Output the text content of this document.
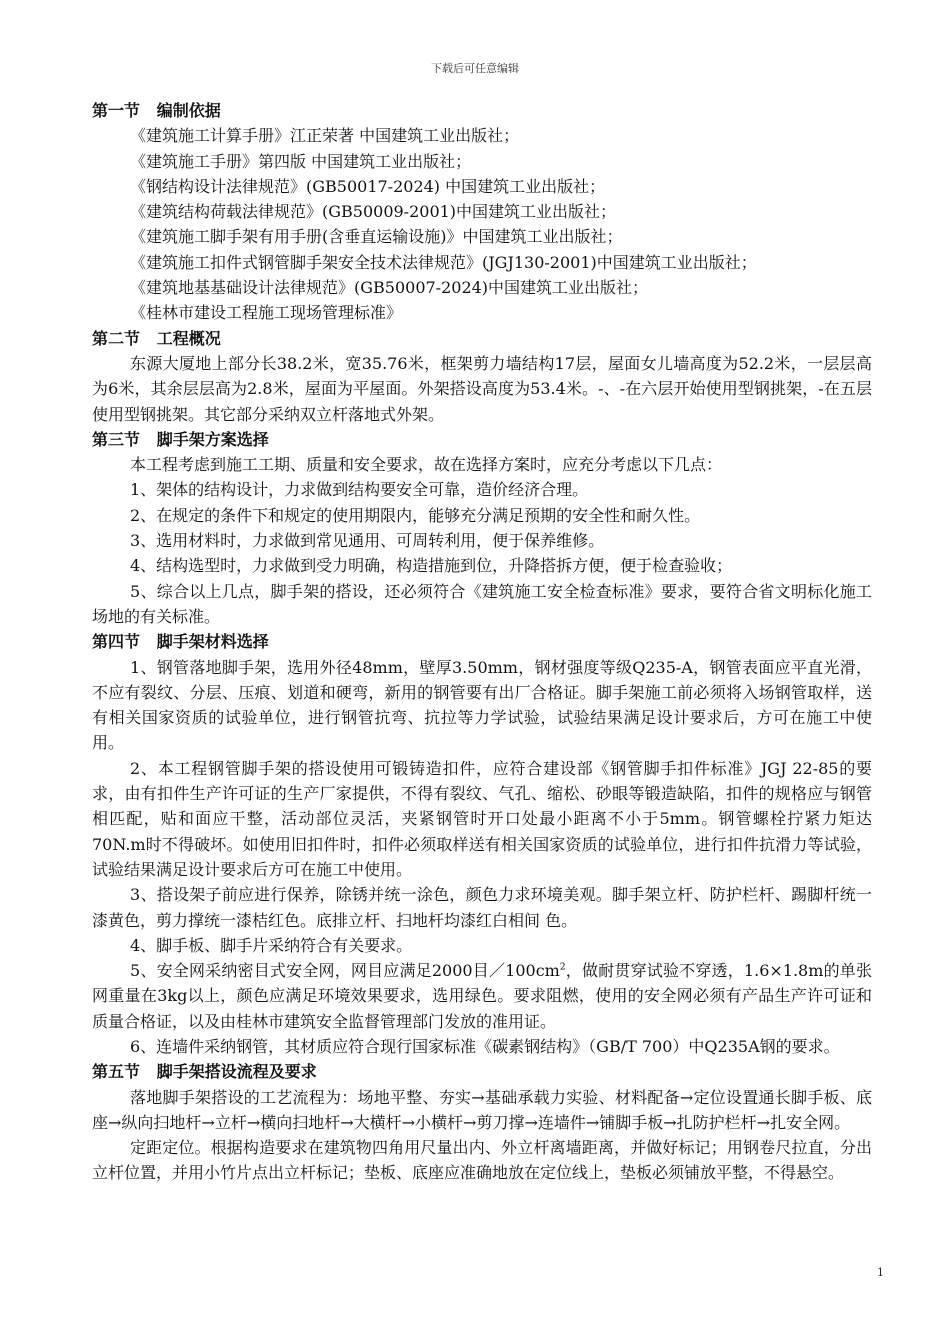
下载后可任意编辑
第一节   编制依据
《建筑施工计算手册》江正荣著 中国建筑工业出版社；
《建筑施工手册》第四版 中国建筑工业出版社；
《钢结构设计法律规范》(GB50017-2024) 中国建筑工业出版社；
《建筑结构荷载法律规范》(GB50009-2001)中国建筑工业出版社；
《建筑施工脚手架有用手册(含垂直运输设施)》中国建筑工业出版社；
《建筑施工扣件式钢管脚手架安全技术法律规范》(JGJ130-2001)中国建筑工业出版社；
《建筑地基基础设计法律规范》(GB50007-2024)中国建筑工业出版社；
《桂林市建设工程施工现场管理标准》
第二节   工程概况
东源大厦地上部分长38.2米，宽35.76米，框架剪力墙结构17层，屋面女儿墙高度为52.2米，一层层高为6米，其余层层高为2.8米，屋面为平屋面。外架搭设高度为53.4米。-、-在六层开始使用型钢挑架，-在五层使用型钢挑架。其它部分采纳双立杆落地式外架。
第三节   脚手架方案选择
本工程考虑到施工工期、质量和安全要求，故在选择方案时，应充分考虑以下几点：
1、架体的结构设计，力求做到结构要安全可靠，造价经济合理。
2、在规定的条件下和规定的使用期限内，能够充分满足预期的安全性和耐久性。
3、选用材料时，力求做到常见通用、可周转利用，便于保养维修。
4、结构选型时，力求做到受力明确，构造措施到位，升降搭拆方便，便于检查验收；
5、综合以上几点，脚手架的搭设，还必须符合《建筑施工安全检查标准》要求，要符合省文明标化施工场地的有关标准。
第四节   脚手架材料选择
1、钢管落地脚手架，选用外径48mm，壁厚3.50mm，钢材强度等级Q235-A，钢管表面应平直光滑，不应有裂纹、分层、压痕、划道和硬弯，新用的钢管要有出厂合格证。脚手架施工前必须将入场钢管取样，送有相关国家资质的试验单位，进行钢管抗弯、抗拉等力学试验，试验结果满足设计要求后，方可在施工中使用。
2、本工程钢管脚手架的搭设使用可锻铸造扣件，应符合建设部《钢管脚手扣件标准》JGJ 22-85的要求，由有扣件生产许可证的生产厂家提供，不得有裂纹、气孔、缩松、砂眼等锻造缺陷，扣件的规格应与钢管相匹配，贴和面应干整，活动部位灵活，夹紧钢管时开口处最小距离不小于5mm。钢管螺栓拧紧力矩达70N.m时不得破坏。如使用旧扣件时，扣件必须取样送有相关国家资质的试验单位，进行扣件抗滑力等试验，试验结果满足设计要求后方可在施工中使用。
3、搭设架子前应进行保养，除锈并统一涂色，颜色力求环境美观。脚手架立杆、防护栏杆、踢脚杆统一漆黄色，剪力撑统一漆桔红色。底排立杆、扫地杆均漆红白相间 色。
4、脚手板、脚手片采纳符合有关要求。
5、安全网采纳密目式安全网，网目应满足2000目$/100cm^2$，做耐贯穿试验不穿透，1.6×1.8m的单张网重量在3kg以上，颜色应满足环境效果要求，选用绿色。要求阻燃，使用的安全网必须有产品生产许可证和质量合格证，以及由桂林市建筑安全监督管理部门发放的准用证。
6、连墙件采纳钢管，其材质应符合现行国家标准《碳素钢结构》（GB/T 700）中Q235A钢的要求。
第五节   脚手架搭设流程及要求
落地脚手架搭设的工艺流程为：场地平整、夯实→基础承载力实验、材料配备→定位设置通长脚手板、底座→纵向扫地杆→立杆→横向扫地杆→大横杆→小横杆→剪刀撑→连墙件→铺脚手板→扎防护栏杆→扎安全网。
定距定位。根据构造要求在建筑物四角用尺量出内、外立杆离墙距离，并做好标记；用钢卷尺拉直，分出立杆位置，并用小竹片点出立杆标记；垫板、底座应准确地放在定位线上，垫板必须铺放平整，不得悬空。
1
